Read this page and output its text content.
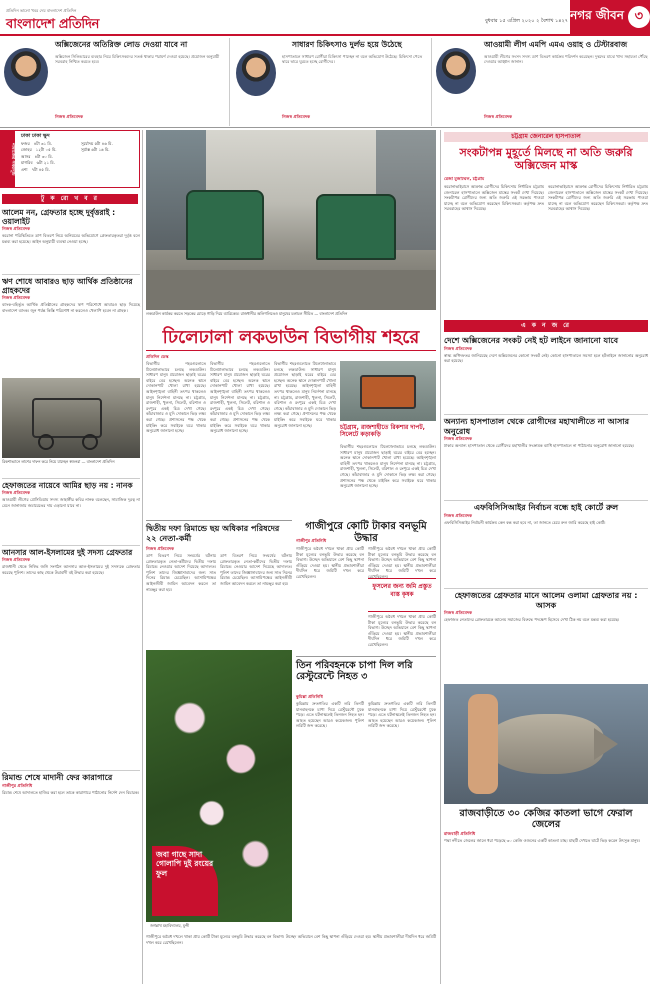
প্রতিদিন ভালো খবর দেয় বাংলাদেশ প্রতিদিন
বাংলাদেশ প্রতিদিন	বুধবার ১৫ এপ্রিল ২০২০ ২ বৈশাখ ১৪২৭ নগর জীবন ৩
অক্সিজেনের অতিরিক্ত লোড দেওয়া যাবে না
অক্সিজেন সিলিন্ডারের ব্যবহার নিয়ে চিকিৎসকদের সতর্ক থাকার পরামর্শ দেওয়া হয়েছে। প্রয়োজন অনুযায়ী সরবরাহ নিশ্চিত করতে হবে।
নিজস্ব প্রতিবেদক
সাধারণ চিকিৎসাও দুর্লভ হয়ে উঠেছে
হাসপাতালে সাধারণ রোগীরা চিকিৎসা পাচ্ছেন না বলে অভিযোগ উঠেছে। চিকিৎসা পেতে দ্বারে দ্বারে ঘুরতে হচ্ছে রোগীদের।
নিজস্ব প্রতিবেদক
আওয়ামী লীগ এমপি এমএ ওয়াহ ও টেস্টারবাজ
আওয়ামী লীগের সংসদ সদস্য ত্রাণ বিতরণ কার্যক্রম পরিদর্শন করেছেন। দুস্থদের মাঝে খাদ্য সহায়তা পৌঁছে দেওয়ার আহ্বান জানান।
নিজস্ব প্রতিবেদক
নামাজের সময়সূচি
ঢাকা ঢাকা ক্ষুদ
ফজর ৪টা ৩১ মি.
জোহর ১২টা ০৫ মি.
আসর ৪টা ৩০ মি.
মাগরিব ৬টা ২১ মি.
এশা ৭টা ৪৫ মি.
সূর্যোদয় ৫টা ৪৬ মি.
সূর্যাস্ত ৬টা ১৬ মি.
টু ক রো খ ব র
আলেম নন, গ্রেফতার হচ্ছে দুর্বৃত্তরাই : ওয়ালাইট
নিজস্ব প্রতিবেদক
করোনা পরিস্থিতিতে ত্রাণ বিতরণ নিয়ে অনিয়মের অভিযোগে গ্রেফতারকৃতরা দুর্বৃত্ত বলে মন্তব্য করা হয়েছে। আইন অনুযায়ী ব্যবস্থা নেওয়া হচ্ছে।
ঋণ শোধে আবারও ছাড় আর্থিক প্রতিষ্ঠানের গ্রাহকদের
নিজস্ব প্রতিবেদক
ব্যাংক-বহির্ভূত আর্থিক প্রতিষ্ঠানের গ্রাহকদের ঋণ পরিশোধে আবারও ছাড় দিয়েছে বাংলাদেশ ব্যাংক। জুন পর্যন্ত কিস্তি পরিশোধ না করলেও খেলাপি হবেন না গ্রাহক।
রিকশাভ্যানে লাশের দাফন করে নিয়ে যাচ্ছেন স্বজনরা — বাংলাদেশ প্রতিদিন
হেফাজতের নায়েবে আমির ছাড় নয় : নানক
নিজস্ব প্রতিবেদক
আওয়ামী লীগের প্রেসিডিয়াম সদস্য জাহাঙ্গীর কবির নানক বলেছেন, সামাজিক দূরত্ব না মেনে জানাজায় জমায়েতের দায় এড়ানো যাবে না।
আনসার আল-ইসলামের দুই সদস্য গ্রেফতার
নিজস্ব প্রতিবেদক
রাজধানী থেকে নিষিদ্ধ জঙ্গি সংগঠন আনসার আল-ইসলামের দুই সদস্যকে গ্রেফতার করেছে পুলিশ। তাদের কাছ থেকে উগ্রবাদী বই উদ্ধার করা হয়েছে।
রিমান্ড শেষে মাদানী ফের কারাগারে
গাজীপুর প্রতিনিধি
রিমান্ড শেষে আদালতে হাজির করা হলে তাকে কারাগারে পাঠানোর নির্দেশ দেন বিচারক।
লকডাউন কার্যকর করতে সড়কের মোড়ে গাড়ি দিয়ে ব্যারিকেড। রাজধানীর অলিগলিতেও মানুষের চলাচল সীমিত — বাংলাদেশ প্রতিদিন
ঢিলেঢালা লকডাউন বিভাগীয় শহরে
প্রতিদিন ডেস্ক
বিভাগীয় শহরগুলোতে ঢিলেঢালাভাবে চলছে লকডাউন। সাধারণ মানুষ প্রয়োজন ছাড়াই ঘরের বাইরে বের হচ্ছেন। অনেক স্থানে দোকানপাট খোলা রাখা হয়েছে। আইনশৃঙ্খলা বাহিনী তৎপর থাকলেও মানুষ নির্দেশনা মানছে না। চট্টগ্রাম, রাজশাহী, খুলনা, সিলেট, বরিশাল ও রংপুরে একই চিত্র দেখা গেছে। কাঁচাবাজার ও মুদি দোকানে ভিড় লক্ষ্য করা গেছে। প্রশাসনের পক্ষ থেকে মাইকিং করে সবাইকে ঘরে থাকার অনুরোধ জানানো হচ্ছে।
বিভাগীয় শহরগুলোতে ঢিলেঢালাভাবে চলছে লকডাউন। সাধারণ মানুষ প্রয়োজন ছাড়াই ঘরের বাইরে বের হচ্ছেন। অনেক স্থানে দোকানপাট খোলা রাখা হয়েছে। আইনশৃঙ্খলা বাহিনী তৎপর থাকলেও মানুষ নির্দেশনা মানছে না। চট্টগ্রাম, রাজশাহী, খুলনা, সিলেট, বরিশাল ও রংপুরে একই চিত্র দেখা গেছে। কাঁচাবাজার ও মুদি দোকানে ভিড় লক্ষ্য করা গেছে। প্রশাসনের পক্ষ থেকে মাইকিং করে সবাইকে ঘরে থাকার অনুরোধ জানানো হচ্ছে।
বিভাগীয় শহরগুলোতে ঢিলেঢালাভাবে চলছে লকডাউন। সাধারণ মানুষ প্রয়োজন ছাড়াই ঘরের বাইরে বের হচ্ছেন। অনেক স্থানে দোকানপাট খোলা রাখা হয়েছে। আইনশৃঙ্খলা বাহিনী তৎপর থাকলেও মানুষ নির্দেশনা মানছে না। চট্টগ্রাম, রাজশাহী, খুলনা, সিলেট, বরিশাল ও রংপুরে একই চিত্র দেখা গেছে। কাঁচাবাজার ও মুদি দোকানে ভিড় লক্ষ্য করা গেছে। প্রশাসনের পক্ষ থেকে মাইকিং করে সবাইকে ঘরে থাকার অনুরোধ জানানো হচ্ছে।	চট্টগ্রাম, রাজশাহীতে রিকশার দাপট, সিলেটে কড়াকড়ি
বিভাগীয় শহরগুলোতে ঢিলেঢালাভাবে চলছে লকডাউন। সাধারণ মানুষ প্রয়োজন ছাড়াই ঘরের বাইরে বের হচ্ছেন। অনেক স্থানে দোকানপাট খোলা রাখা হয়েছে। আইনশৃঙ্খলা বাহিনী তৎপর থাকলেও মানুষ নির্দেশনা মানছে না। চট্টগ্রাম, রাজশাহী, খুলনা, সিলেট, বরিশাল ও রংপুরে একই চিত্র দেখা গেছে। কাঁচাবাজার ও মুদি দোকানে ভিড় লক্ষ্য করা গেছে। প্রশাসনের পক্ষ থেকে মাইকিং করে সবাইকে ঘরে থাকার অনুরোধ জানানো হচ্ছে।
দ্বিতীয় দফা রিমান্ডে ছয় অধিকার পরিষদের ২২ নেতা-কর্মী
নিজস্ব প্রতিবেদক
ত্রাণ বিতরণ নিয়ে সংঘর্ষের ঘটনায় গ্রেফতারকৃত নেতা-কর্মীদের দ্বিতীয় দফায় রিমান্ডে নেওয়ার আদেশ দিয়েছে আদালত। পুলিশ তাদের জিজ্ঞাসাবাদের জন্য সাত দিনের রিমান্ড চেয়েছিল। আসামিপক্ষের আইনজীবী জামিন আবেদন করলে তা নামঞ্জুর করা হয়।
ত্রাণ বিতরণ নিয়ে সংঘর্ষের ঘটনায় গ্রেফতারকৃত নেতা-কর্মীদের দ্বিতীয় দফায় রিমান্ডে নেওয়ার আদেশ দিয়েছে আদালত। পুলিশ তাদের জিজ্ঞাসাবাদের জন্য সাত দিনের রিমান্ড চেয়েছিল। আসামিপক্ষের আইনজীবী জামিন আবেদন করলে তা নামঞ্জুর করা হয়।
গাজীপুরে কোটি টাকার বনভূমি উদ্ধার
গাজীপুর প্রতিনিধি
গাজীপুরে অবৈধ দখলে থাকা প্রায় কোটি টাকা মূল্যের বনভূমি উদ্ধার করেছে বন বিভাগ। উচ্ছেদ অভিযানে বেশ কিছু স্থাপনা গুঁড়িয়ে দেওয়া হয়। স্থানীয় প্রভাবশালীরা দীর্ঘদিন ধরে জমিটি দখল করে রেখেছিলেন।
গাজীপুরে অবৈধ দখলে থাকা প্রায় কোটি টাকা মূল্যের বনভূমি উদ্ধার করেছে বন বিভাগ। উচ্ছেদ অভিযানে বেশ কিছু স্থাপনা গুঁড়িয়ে দেওয়া হয়। স্থানীয় প্রভাবশালীরা দীর্ঘদিন ধরে জমিটি দখল করে রেখেছিলেন।
ফুসলের জন্য জমি প্রস্তুত ব্যস্ত কৃষক
গাজীপুরে অবৈধ দখলে থাকা প্রায় কোটি টাকা মূল্যের বনভূমি উদ্ধার করেছে বন বিভাগ। উচ্ছেদ অভিযানে বেশ কিছু স্থাপনা গুঁড়িয়ে দেওয়া হয়। স্থানীয় প্রভাবশালীরা দীর্ঘদিন ধরে জমিটি দখল করে রেখেছিলেন।
জবা গাছে সাদা গোলাপি দুই রংয়ের ফুল
জগন্নাথ মহাবিদ্যালয়, মুন্সী
গাজীপুরে অবৈধ দখলে থাকা প্রায় কোটি টাকা মূল্যের বনভূমি উদ্ধার করেছে বন বিভাগ। উচ্ছেদ অভিযানে বেশ কিছু স্থাপনা গুঁড়িয়ে দেওয়া হয়। স্থানীয় প্রভাবশালীরা দীর্ঘদিন ধরে জমিটি দখল করে রেখেছিলেন।
তিন পরিবহনকে চাপা দিল লরি রেস্টুরেন্টে নিহত ৩
কুমিল্লা প্রতিনিধি
কুমিল্লায় দ্রুতগতির একটি লরি তিনটি যানবাহনকে চাপা দিয়ে রেস্টুরেন্টে ঢুকে পড়ে। এতে ঘটনাস্থলেই তিনজন নিহত হন। আহত হয়েছেন আরও কয়েকজন। পুলিশ লরিটি জব্দ করেছে।
কুমিল্লায় দ্রুতগতির একটি লরি তিনটি যানবাহনকে চাপা দিয়ে রেস্টুরেন্টে ঢুকে পড়ে। এতে ঘটনাস্থলেই তিনজন নিহত হন। আহত হয়েছেন আরও কয়েকজন। পুলিশ লরিটি জব্দ করেছে।
চট্টগ্রাম জেনারেল হাসপাতাল
সংকটাপন্ন মুহূর্তে মিলছে না অতি জরুরি অক্সিজেন মাস্ক
রেজা মুজাম্মেল, চট্টগ্রাম
করোনাভাইরাসে আক্রান্ত রোগীদের চিকিৎসায় নির্ধারিত চট্টগ্রাম জেনারেল হাসপাতালে অক্সিজেন মাস্কের সংকট দেখা দিয়েছে। সংকটাপন্ন রোগীদের জন্য অতি জরুরি এই সরঞ্জাম পাওয়া যাচ্ছে না বলে অভিযোগ করেছেন চিকিৎসকরা। কর্তৃপক্ষ দ্রুত সরবরাহের আশ্বাস দিয়েছে।
করোনাভাইরাসে আক্রান্ত রোগীদের চিকিৎসায় নির্ধারিত চট্টগ্রাম জেনারেল হাসপাতালে অক্সিজেন মাস্কের সংকট দেখা দিয়েছে। সংকটাপন্ন রোগীদের জন্য অতি জরুরি এই সরঞ্জাম পাওয়া যাচ্ছে না বলে অভিযোগ করেছেন চিকিৎসকরা। কর্তৃপক্ষ দ্রুত সরবরাহের আশ্বাস দিয়েছে।
এ ক ন জ রে
দেশে অক্সিজেনের সংকট নেই হট লাইনে জানানো যাবে
নিজস্ব প্রতিবেদক
স্বাস্থ্য অধিদফতর জানিয়েছে দেশে অক্সিজেনের কোনো সংকট নেই। কোনো হাসপাতালে সমস্যা হলে হটলাইনে জানানোর অনুরোধ করা হয়েছে।
অন্যান্য হাসপাতাল থেকে রোগীদের মহাখালীতে না আসার অনুরোধ
নিজস্ব প্রতিবেদক
ঢাকার অন্যান্য হাসপাতাল থেকে রোগীদের মহাখালীর সংক্রামক ব্যাধি হাসপাতালে না পাঠানোর অনুরোধ জানানো হয়েছে।
এফবিসিসিআইর নির্বাচন বন্ধে হাই কোর্টে রুল
নিজস্ব প্রতিবেদক
এফবিসিসিআইর নির্বাচনী কার্যক্রম কেন বন্ধ করা হবে না, তা জানতে চেয়ে রুল জারি করেছে হাই কোর্ট।
হেফাজতের গ্রেফতার মানে আলেম ওলামা গ্রেফতার নয় : আসক
নিজস্ব প্রতিবেদক
হেফাজত নেতাদের গ্রেফতারকে আলেম সমাজের বিরুদ্ধে পদক্ষেপ হিসেবে দেখা ঠিক নয় বলে মন্তব্য করা হয়েছে।
রাজবাড়ীতে ৩০ কেজির কাতলা ভাগে ফেরাল জেলের
রাজবাড়ী প্রতিনিধি
পদ্মা নদীতে জেলের জালে ধরা পড়েছে ৩০ কেজি ওজনের একটি কাতলা মাছ। মাছটি দেখতে ঘাটে ভিড় করেন উৎসুক মানুষ।
